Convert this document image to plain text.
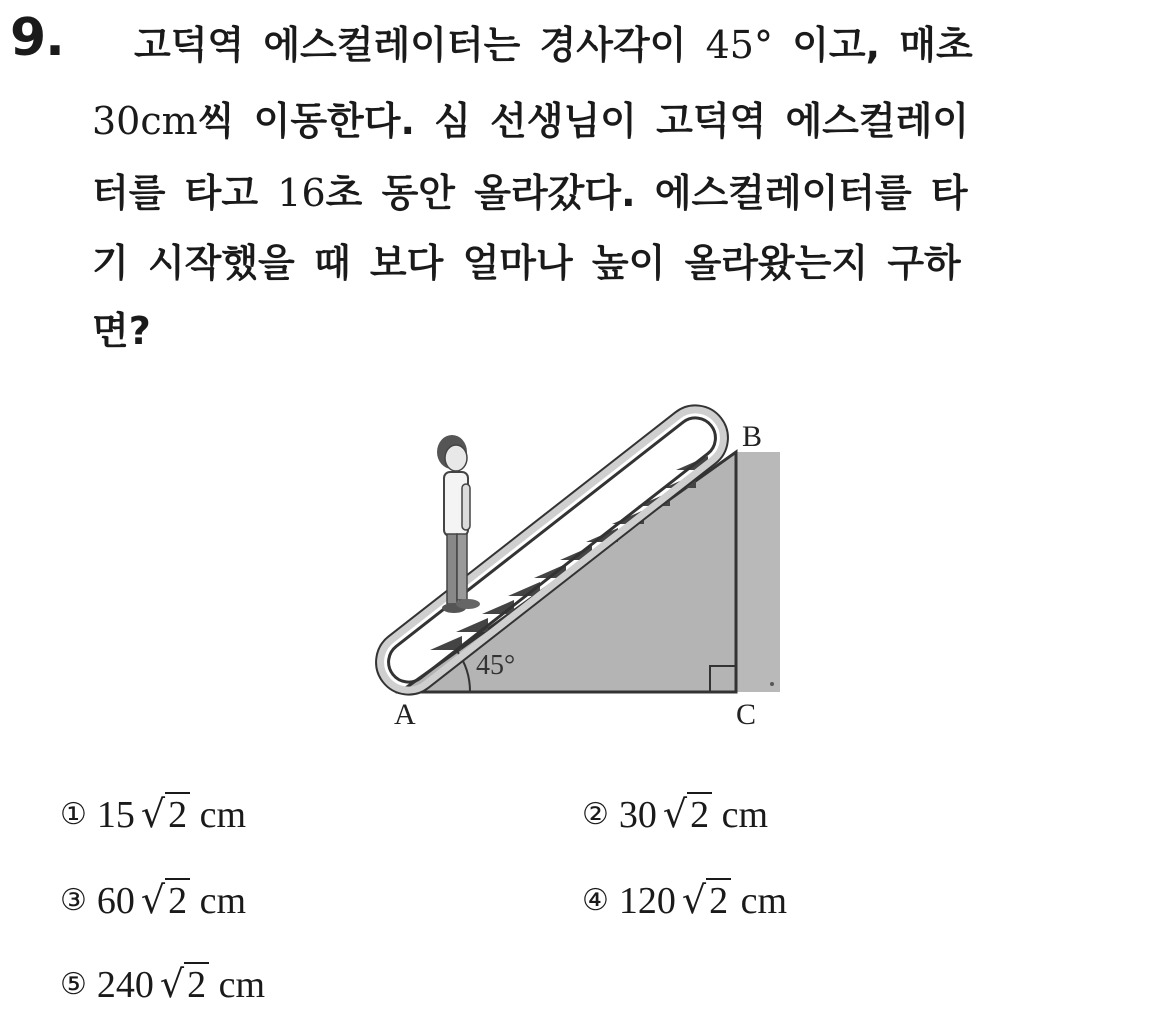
9. 고덕역 에스컬레이터는 경사각이 45° 이고, 매초
30cm씩 이동한다. 심 선생님이 고덕역 에스컬레이
터를 타고 16초 동안 올라갔다. 에스컬레이터를 타
기 시작했을 때 보다 얼마나 높이 올라왔는지 구하
면?
45°
A
B
C
① 15 √2 cm	② 30 √2 cm
③ 60 √2 cm	④ 120 √2 cm
⑤ 240 √2 cm
